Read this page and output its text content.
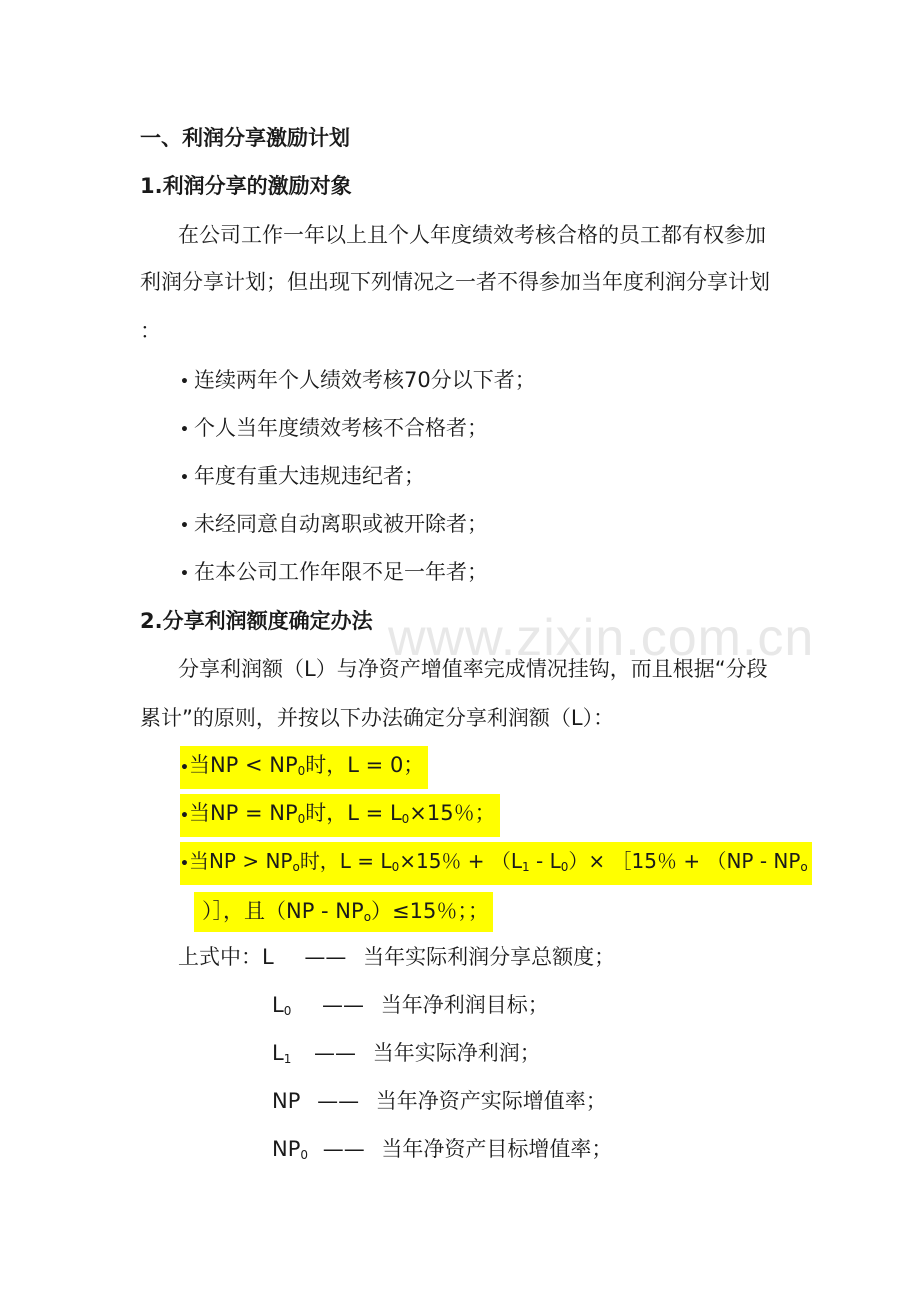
www.zixin.com.cn
一、利润分享激励计划
1.利润分享的激励对象
在公司工作一年以上且个人年度绩效考核合格的员工都有权参加
利润分享计划；但出现下列情况之一者不得参加当年度利润分享计划
：
• 连续两年个人绩效考核70分以下者；
• 个人当年度绩效考核不合格者；
• 年度有重大违规违纪者；
• 未经同意自动离职或被开除者；
• 在本公司工作年限不足一年者；
2.分享利润额度确定办法
分享利润额（L）与净资产增值率完成情况挂钩，而且根据“分段
累计”的原则，并按以下办法确定分享利润额（L）：
•当NP < $NP_0$时，L = 0；
•当NP = $NP_0$时，$L = L_0\times 15$％；
•当NP > $NP_o$时，$L = L_0\times 15$％ + $(L_1 - L_0)\times$ ［15％ + （$NP - NP_o$
）］，且$(NP - NP_o)\le 15$％；；
上式中：L —— 当年实际利润分享总额度；
$L_0$ —— 当年净利润目标；
$L_1$ —— 当年实际净利润；
NP —— 当年净资产实际增值率；
$NP_0$ —— 当年净资产目标增值率；
